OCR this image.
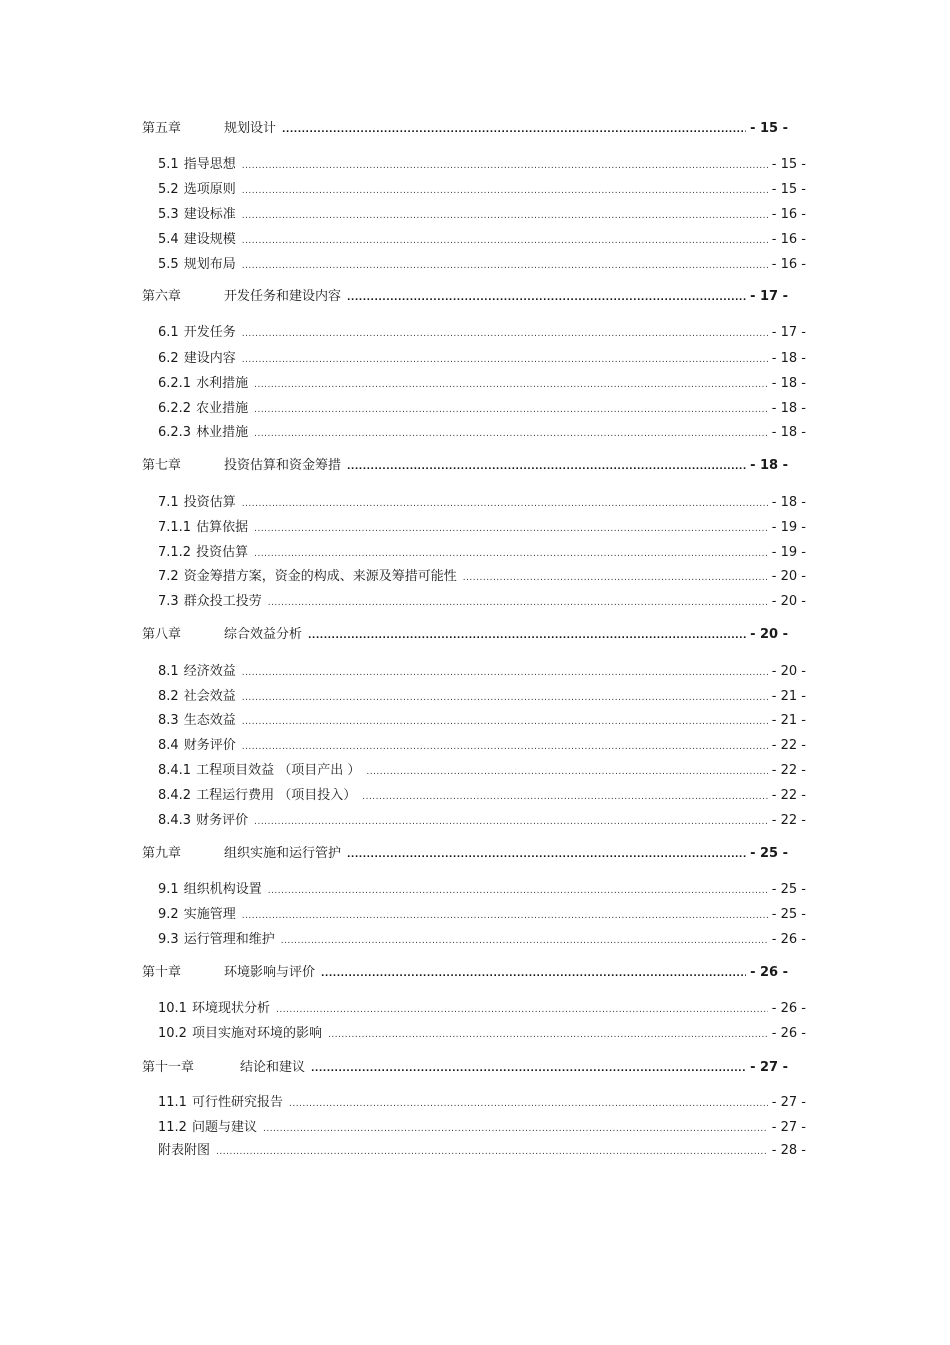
第五章	规划设计 .....	- 15 -
5.1 指导思想 .....	- 15 -
5.2 选项原则 .....	- 15 -
5.3 建设标准 .....	- 16 -
5.4 建设规模 .....	- 16 -
5.5 规划布局 .....	- 16 -
第六章	开发任务和建设内容 .....	- 17 -
6.1 开发任务 .....	- 17 -
6.2 建设内容 .....	- 18 -
6.2.1 水利措施 .....	- 18 -
6.2.2 农业措施 .....	- 18 -
6.2.3 林业措施 .....	- 18 -
第七章	投资估算和资金筹措 .....	- 18 -
7.1 投资估算 .....	- 18 -
7.1.1 估算依据 .....	- 19 -
7.1.2 投资估算 .....	- 19 -
7.2 资金筹措方案，资金的构成、来源及筹措可能性 .....	- 20 -
7.3 群众投工投劳 .....	- 20 -
第八章	综合效益分析 .....	- 20 -
8.1 经济效益 .....	- 20 -
8.2 社会效益 .....	- 21 -
8.3 生态效益 .....	- 21 -
8.4 财务评价 .....	- 22 -
8.4.1 工程项目效益 （项目产出 ） .....	- 22 -
8.4.2 工程运行费用 （项目投入） .....	- 22 -
8.4.3 财务评价 .....	- 22 -
第九章	组织实施和运行管护 .....	- 25 -
9.1 组织机构设置 .....	- 25 -
9.2 实施管理 .....	- 25 -
9.3 运行管理和维护 .....	- 26 -
第十章	环境影响与评价 .....	- 26 -
10.1 环境现状分析 .....	- 26 -
10.2 项目实施对环境的影响 .....	- 26 -
第十一章	结论和建议 .....	- 27 -
11.1 可行性研究报告 .....	- 27 -
11.2 问题与建议 .....	- 27 -
附表附图 .....	- 28 -
